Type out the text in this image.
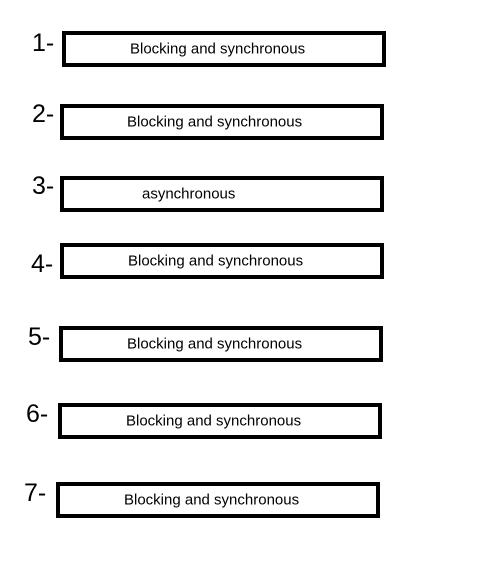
1-	Blocking and synchronous
2-	Blocking and synchronous
3-	asynchronous
4-	Blocking and synchronous
5-	Blocking and synchronous
6-	Blocking and synchronous
7-	Blocking and synchronous
